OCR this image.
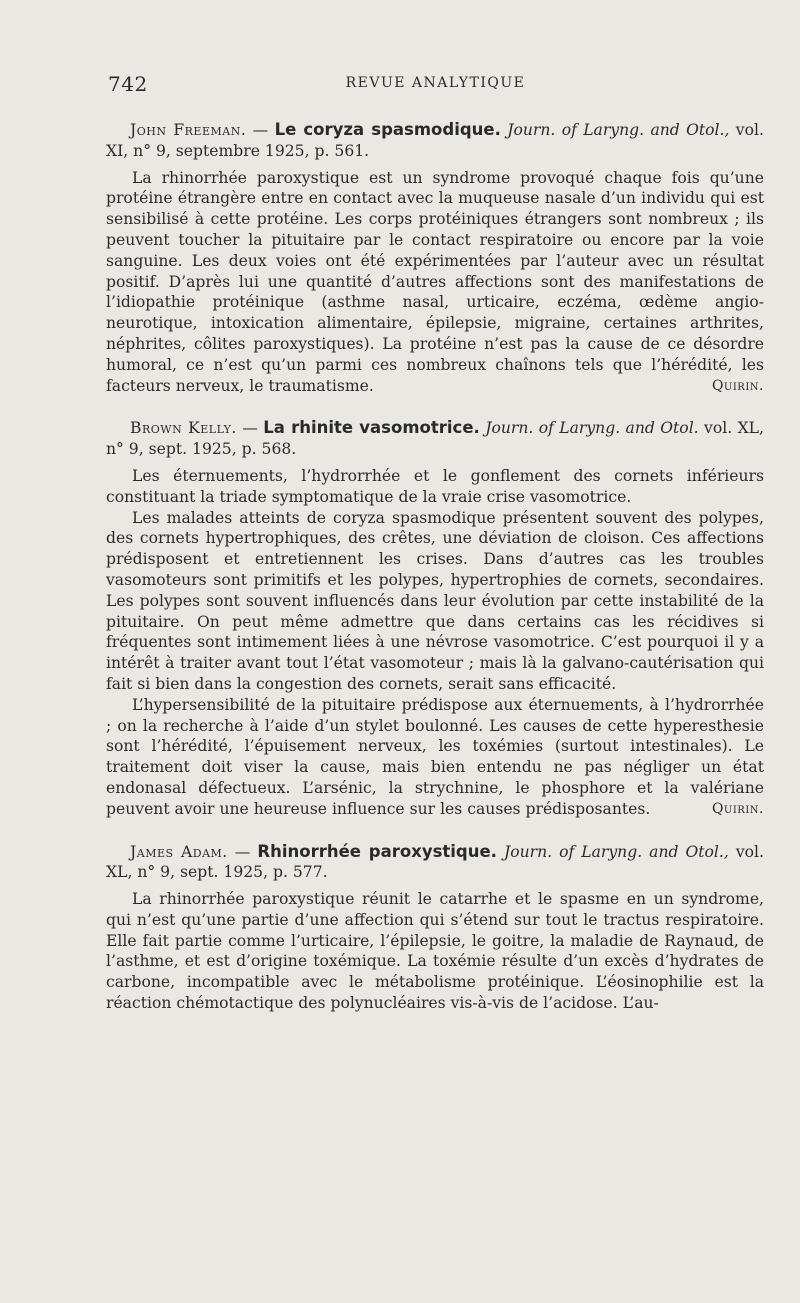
742	REVUE ANALYTIQUE

John Freeman. — Le coryza spasmodique. Journ. of Laryng. and Otol., vol. XI, n° 9, septembre 1925, p. 561.

La rhinorrhée paroxystique est un syndrome provoqué chaque fois qu’une protéine étrangère entre en contact avec la muqueuse nasale d’un individu qui est sensibilisé à cette protéine. Les corps protéiniques étrangers sont nombreux ; ils peuvent toucher la pituitaire par le contact respiratoire ou encore par la voie sanguine. Les deux voies ont été expérimentées par l’auteur avec un résultat positif. D’après lui une quantité d’autres affections sont des manifestations de l’idiopathie protéinique (asthme nasal, urticaire, eczéma, œdème angio-neurotique, intoxication alimentaire, épilepsie, migraine, certaines arthrites, néphrites, côlites paroxystiques). La protéine n’est pas la cause de ce désordre humoral, ce n’est qu’un parmi ces nombreux chaînons tels que l’hérédité, les facteurs nerveux, le traumatisme.	Quirin.

Brown Kelly. — La rhinite vasomotrice. Journ. of Laryng. and Otol. vol. XL, n° 9, sept. 1925, p. 568.

Les éternuements, l’hydrorrhée et le gonflement des cornets inférieurs constituant la triade symptomatique de la vraie crise vasomotrice.

Les malades atteints de coryza spasmodique présentent souvent des polypes, des cornets hypertrophiques, des crêtes, une déviation de cloison. Ces affections prédisposent et entretiennent les crises. Dans d’autres cas les troubles vasomoteurs sont primitifs et les polypes, hypertrophies de cornets, secondaires. Les polypes sont souvent influencés dans leur évolution par cette instabilité de la pituitaire. On peut même admettre que dans certains cas les récidives si fréquentes sont intimement liées à une névrose vasomotrice. C’est pourquoi il y a intérêt à traiter avant tout l’état vasomoteur ; mais là la galvano-cautérisation qui fait si bien dans la congestion des cornets, serait sans efficacité.

L’hypersensibilité de la pituitaire prédispose aux éternuements, à l’hydrorrhée ; on la recherche à l’aide d’un stylet boulonné. Les causes de cette hyperesthesie sont l’hérédité, l’épuisement nerveux, les toxémies (surtout intestinales). Le traitement doit viser la cause, mais bien entendu ne pas négliger un état endonasal défectueux. L’arsénic, la strychnine, le phosphore et la valériane peuvent avoir une heureuse influence sur les causes prédisposantes.	Quirin.

James Adam. — Rhinorrhée paroxystique. Journ. of Laryng. and Otol., vol. XL, n° 9, sept. 1925, p. 577.

La rhinorrhée paroxystique réunit le catarrhe et le spasme en un syndrome, qui n’est qu’une partie d’une affection qui s’étend sur tout le tractus respiratoire. Elle fait partie comme l’urticaire, l’épilepsie, le goitre, la maladie de Raynaud, de l’asthme, et est d’origine toxémique. La toxémie résulte d’un excès d’hydrates de carbone, incompatible avec le métabolisme protéinique. L’éosinophilie est la réaction chémotactique des polynucléaires vis-à-vis de l’acidose. L’au-
